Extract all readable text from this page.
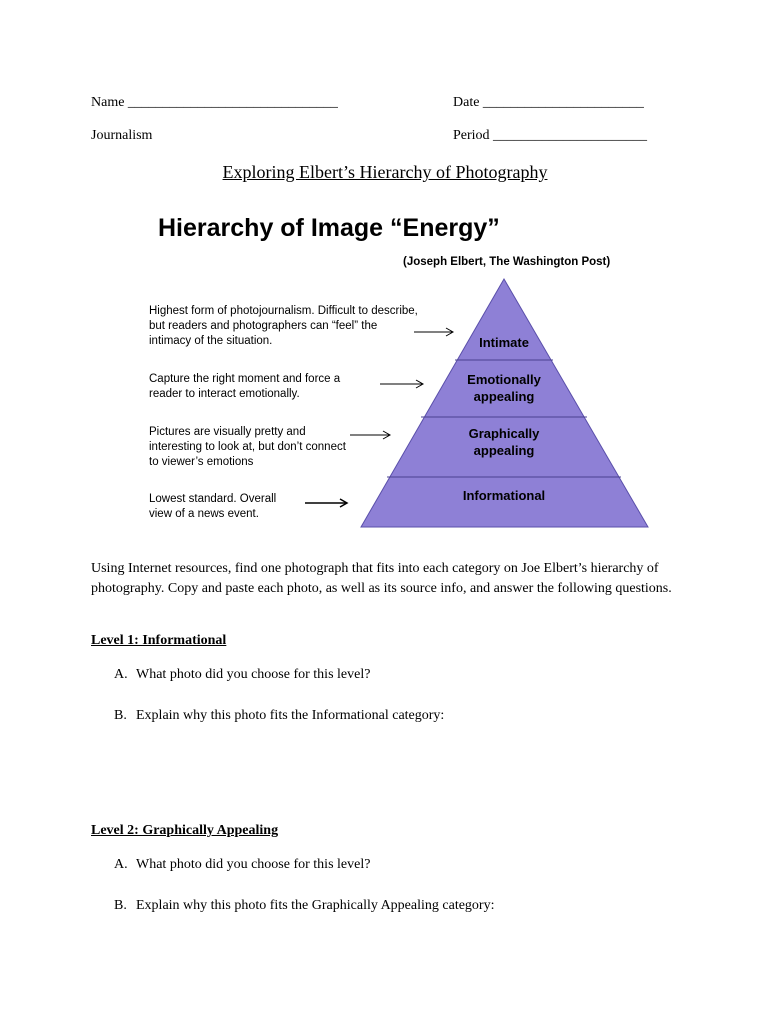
Name ______________________________	Date _______________________
Journalism	Period ______________________
Exploring Elbert’s Hierarchy of Photography
Hierarchy of Image “Energy”
(Joseph Elbert, The Washington Post)
Intimate
Emotionally
appealing
Graphically
appealing
Informational
Highest form of photojournalism. Difficult to describe,
but readers and photographers can “feel” the
intimacy of the situation.
Capture the right moment and force a
reader to interact emotionally.
Pictures are visually pretty and
interesting to look at, but don’t connect
to viewer’s emotions
Lowest standard. Overall
view of a news event.
Using Internet resources, find one photograph that fits into each category on Joe Elbert’s hierarchy of photography. Copy and paste each photo, as well as its source info, and answer the following questions.
Level 1: Informational
A. What photo did you choose for this level?
B. Explain why this photo fits the Informational category:
Level 2: Graphically Appealing
A. What photo did you choose for this level?
B. Explain why this photo fits the Graphically Appealing category:
